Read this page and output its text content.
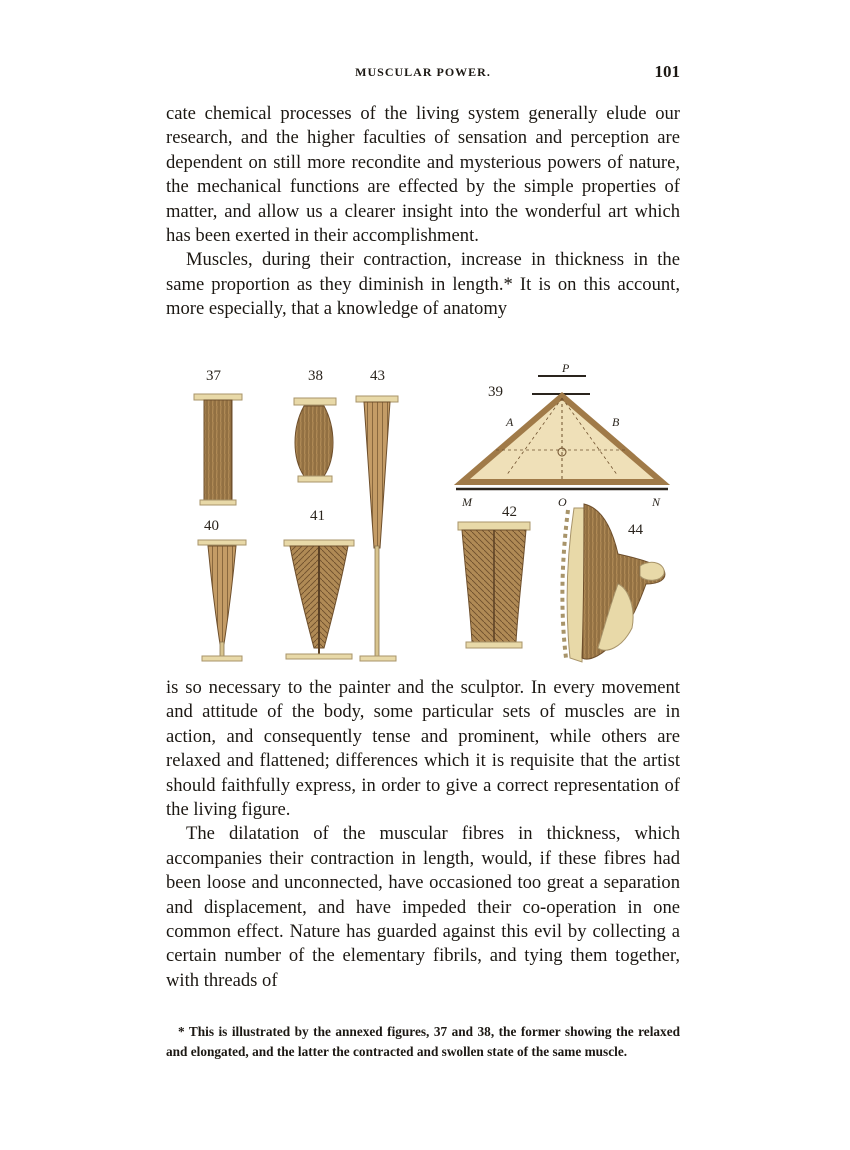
MUSCULAR POWER.	101

cate chemical processes of the living system generally elude our research, and the higher faculties of sensation and perception are dependent on still more recondite and mysterious powers of nature, the mechanical functions are effected by the simple properties of matter, and allow us a clearer insight into the wonderful art which has been exerted in their accomplishment.

Muscles, during their contraction, increase in thickness in the same proportion as they diminish in length.* It is on this account, more especially, that a knowledge of anatomy

37	38	43
39
P
A	B
M	O	N
40
41	42
44

is so necessary to the painter and the sculptor. In every movement and attitude of the body, some particular sets of muscles are in action, and consequently tense and prominent, while others are relaxed and flattened; differences which it is requisite that the artist should faithfully express, in order to give a correct representation of the living figure.

The dilatation of the muscular fibres in thickness, which accompanies their contraction in length, would, if these fibres had been loose and unconnected, have occasioned too great a separation and displacement, and have impeded their co-operation in one common effect. Nature has guarded against this evil by collecting a certain number of the elementary fibrils, and tying them together, with threads of

* This is illustrated by the annexed figures, 37 and 38, the former showing the relaxed and elongated, and the latter the contracted and swollen state of the same muscle.
